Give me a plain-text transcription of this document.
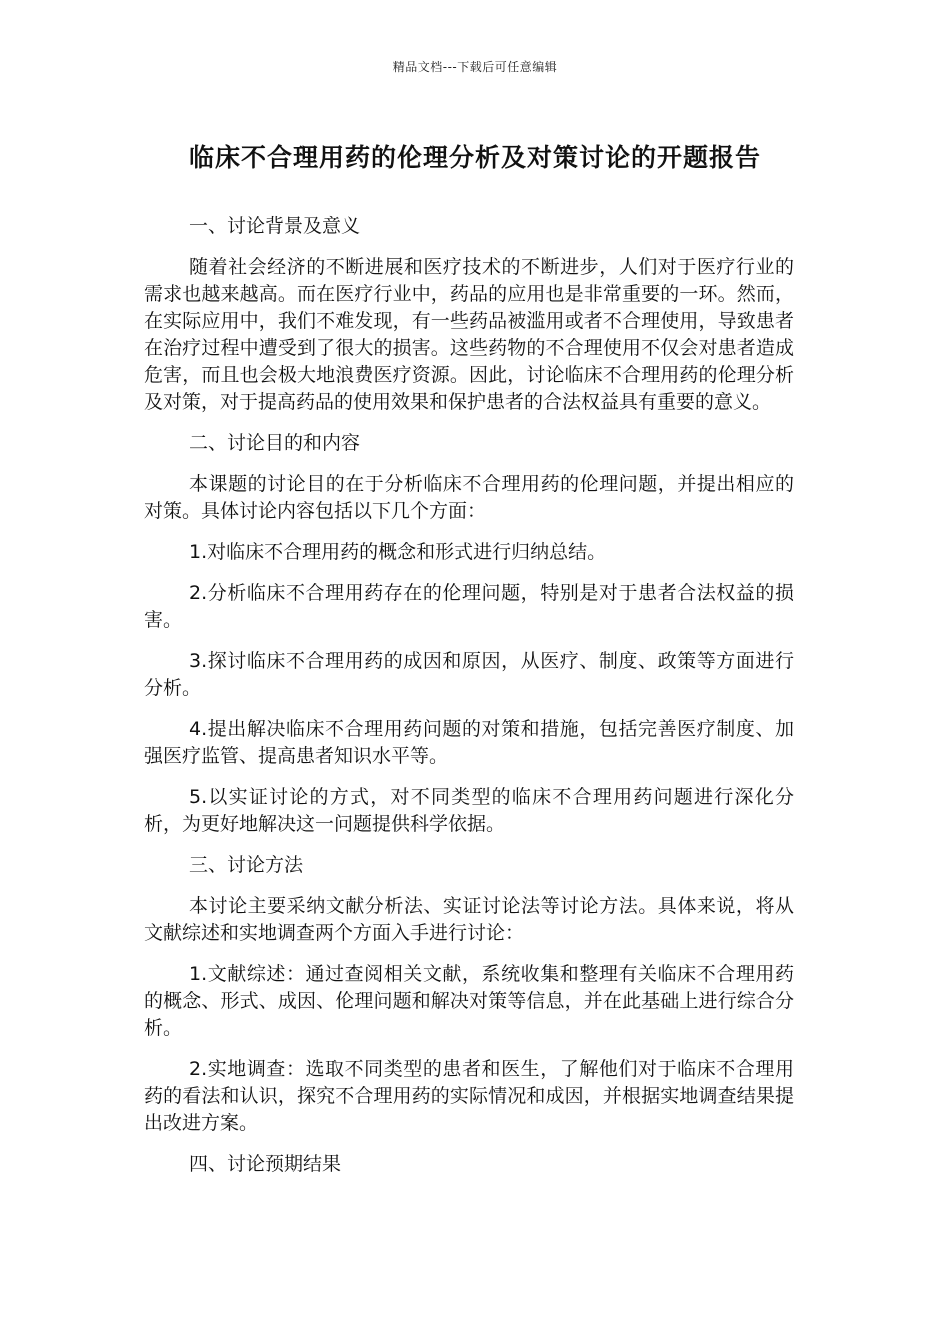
精品文档---下载后可任意编辑
临床不合理用药的伦理分析及对策讨论的开题报告

一、讨论背景及意义

随着社会经济的不断进展和医疗技术的不断进步，人们对于医疗行业的需求也越来越高。而在医疗行业中，药品的应用也是非常重要的一环。然而，在实际应用中，我们不难发现，有一些药品被滥用或者不合理使用，导致患者在治疗过程中遭受到了很大的损害。这些药物的不合理使用不仅会对患者造成危害，而且也会极大地浪费医疗资源。因此，讨论临床不合理用药的伦理分析及对策，对于提高药品的使用效果和保护患者的合法权益具有重要的意义。

二、讨论目的和内容

本课题的讨论目的在于分析临床不合理用药的伦理问题，并提出相应的对策。具体讨论内容包括以下几个方面：

1.对临床不合理用药的概念和形式进行归纳总结。

2.分析临床不合理用药存在的伦理问题，特别是对于患者合法权益的损害。

3.探讨临床不合理用药的成因和原因，从医疗、制度、政策等方面进行分析。

4.提出解决临床不合理用药问题的对策和措施，包括完善医疗制度、加强医疗监管、提高患者知识水平等。

5.以实证讨论的方式，对不同类型的临床不合理用药问题进行深化分析，为更好地解决这一问题提供科学依据。

三、讨论方法

本讨论主要采纳文献分析法、实证讨论法等讨论方法。具体来说，将从文献综述和实地调查两个方面入手进行讨论：

1.文献综述：通过查阅相关文献，系统收集和整理有关临床不合理用药的概念、形式、成因、伦理问题和解决对策等信息，并在此基础上进行综合分析。

2.实地调查：选取不同类型的患者和医生，了解他们对于临床不合理用药的看法和认识，探究不合理用药的实际情况和成因，并根据实地调查结果提出改进方案。

四、讨论预期结果
